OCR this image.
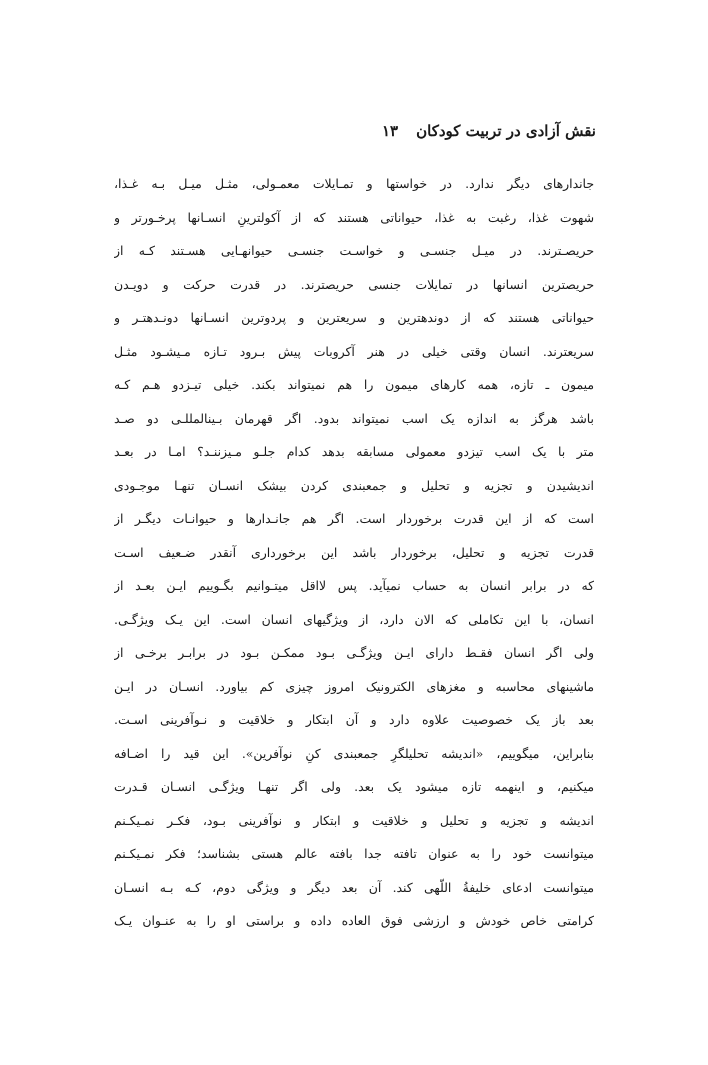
نقش آزادی در تربیت کودکان
۱۳
جاندارهای دیگر ندارد. در خواستها و تمـایلات معمـولی، مثـل میـل بـه غـذا،
شهوت غذا، رغبت به غذا، حیواناتی هستند که از آکولترینِ انسـانها پرخـورتر و
حریصـترند. در میـل جنسـی و خواسـت جنسـی حیوانهـایی هسـتند کـه از
حریصترین انسانها در تمایلات جنسی حریصترند. در قدرت حرکت و دویـدن
حیواناتی هستند که از دوندهترین و سریعترین و پردوترین انسـانها دونـدهتـر و
سریعترند. انسان وقتی خیلی در هنر آکروبات پیش بـرود تـازه مـیشـود مثـل
میمون ـ تازه، همه کارهای میمون را هم نمیتواند بکند. خیلی تیـزدو هـم کـه
باشد هرگز به اندازه یک اسب نمیتواند بدود. اگر قهرمان بـینالمللـی دو صـد
متر با یک اسب تیزدو معمولی مسابقه بدهد کدام جلـو مـیزننـد؟ امـا در بعـد
اندیشیدن و تجزیه و تحلیل و جمعبندی کردن بیشک انسـان تنهـا موجـودی
است که از این قدرت برخوردار است. اگر هم جانـدارها و حیوانـات دیگـر از
قدرت تجزیه و تحلیل، برخوردار باشد این برخورداری آنقدر ضـعیف اسـت
که در برابر انسان به حساب نمیآید. پس لااقل میتـوانیم بگـوییم ایـن بعـد از
انسان، با این تکاملی که الان دارد، از ویژگیهای انسان است. این یـک ویژگـی.
ولی اگر انسان فقـط دارای ایـن ویژگـی بـود ممکـن بـود در برابـر برخـی از
ماشینهای محاسبه و مغزهای الکترونیک امروز چیزی کم بیاورد. انسـان در ایـن
بعد باز یک خصوصیت علاوه دارد و آن ابتکار و خلاقیت و نـوآفرینی اسـت.
بنابراین، میگوییم، «اندیشه تحلیلگرِ جمعبندی کنِ نوآفرین». این قید را اضـافه
میکنیم، و اینهمه تازه میشود یک بعد. ولی اگر تنهـا ویژگـی انسـان قـدرت
اندیشه و تجزیه و تحلیل و خلاقیت و ابتکار و نوآفرینی بـود، فکـر نمـیکـنم
میتوانست خود را به عنوان تافته جدا بافته عالم هستی بشناسد؛ فکر نمـیکـنم
میتوانست ادعای خلیفةُ اللّهی کند. آن بعد دیگر و ویژگی دوم، کـه بـه انسـان
کرامتی خاص خودش و ارزشی فوق العاده داده و براستی او را به عنـوان یـک
